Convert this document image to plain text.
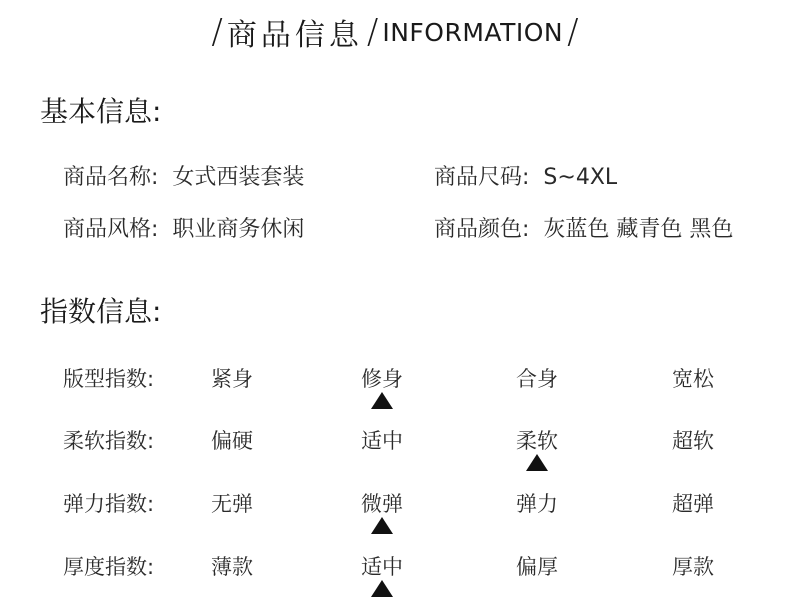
/ 商品信息 / INFORMATION /
基本信息:
商品名称: 女式西装套装	商品尺码: S~4XL
商品风格: 职业商务休闲	商品颜色: 灰蓝色 藏青色 黑色
指数信息:
版型指数:	紧身	修身	合身	宽松
柔软指数:	偏硬	适中	柔软	超软
弹力指数:	无弹	微弹	弹力	超弹
厚度指数:	薄款	适中	偏厚	厚款
